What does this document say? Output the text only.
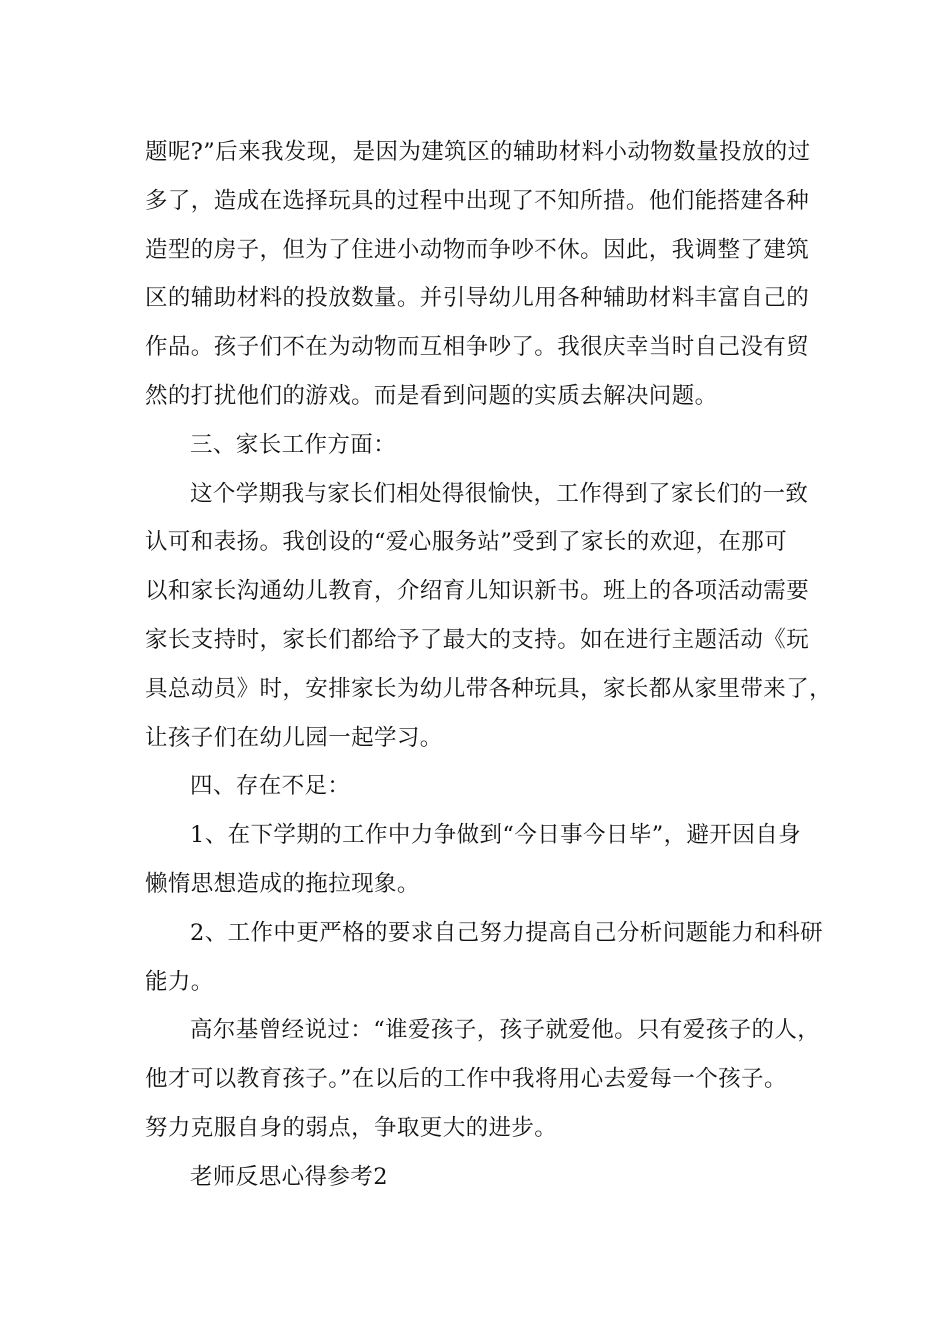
题呢?”后来我发现，是因为建筑区的辅助材料小动物数量投放的过
多了，造成在选择玩具的过程中出现了不知所措。他们能搭建各种
造型的房子，但为了住进小动物而争吵不休。因此，我调整了建筑
区的辅助材料的投放数量。并引导幼儿用各种辅助材料丰富自己的
作品。孩子们不在为动物而互相争吵了。我很庆幸当时自己没有贸
然的打扰他们的游戏。而是看到问题的实质去解决问题。

三、家长工作方面：

这个学期我与家长们相处得很愉快，工作得到了家长们的一致
认可和表扬。我创设的“爱心服务站”受到了家长的欢迎，在那可
以和家长沟通幼儿教育，介绍育儿知识新书。班上的各项活动需要
家长支持时，家长们都给予了最大的支持。如在进行主题活动《玩
具总动员》时，安排家长为幼儿带各种玩具，家长都从家里带来了，
让孩子们在幼儿园一起学习。

四、存在不足：

1、在下学期的工作中力争做到“今日事今日毕”，避开因自身
懒惰思想造成的拖拉现象。

2、工作中更严格的要求自己努力提高自己分析问题能力和科研
能力。

高尔基曾经说过：“谁爱孩子，孩子就爱他。只有爱孩子的人，
他才可以教育孩子。”在以后的工作中我将用心去爱每一个孩子。
努力克服自身的弱点，争取更大的进步。

老师反思心得参考2
